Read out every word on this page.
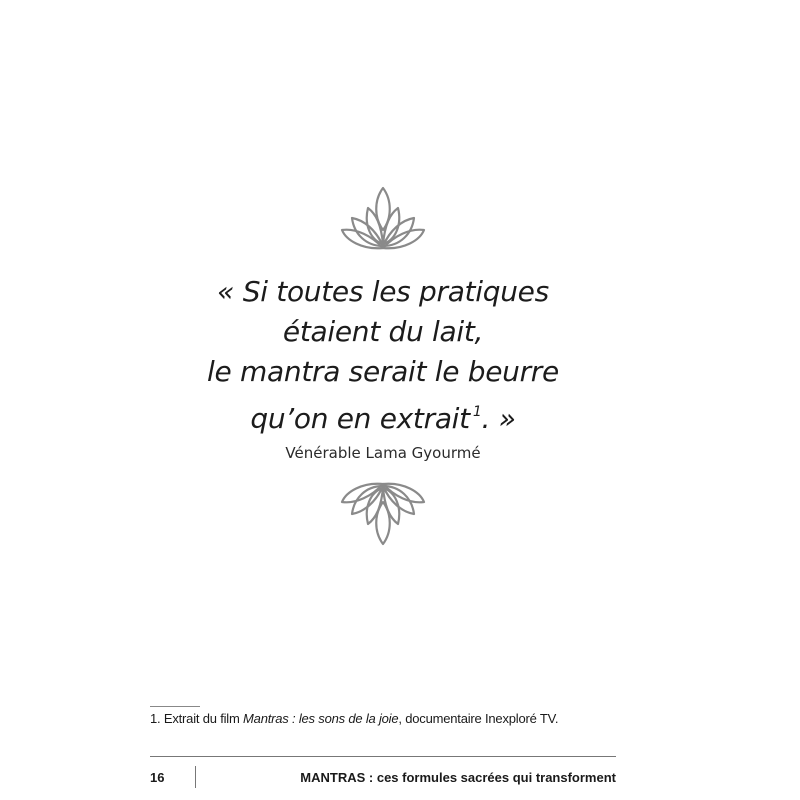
« Si toutes les pratiques
étaient du lait,
le mantra serait le beurre
qu’on en extrait $^1$. »
Vénérable Lama Gyourmé
1. Extrait du film Mantras : les sons de la joie, documentaire Inexploré TV.
16	MANTRAS : ces formules sacrées qui transforment
